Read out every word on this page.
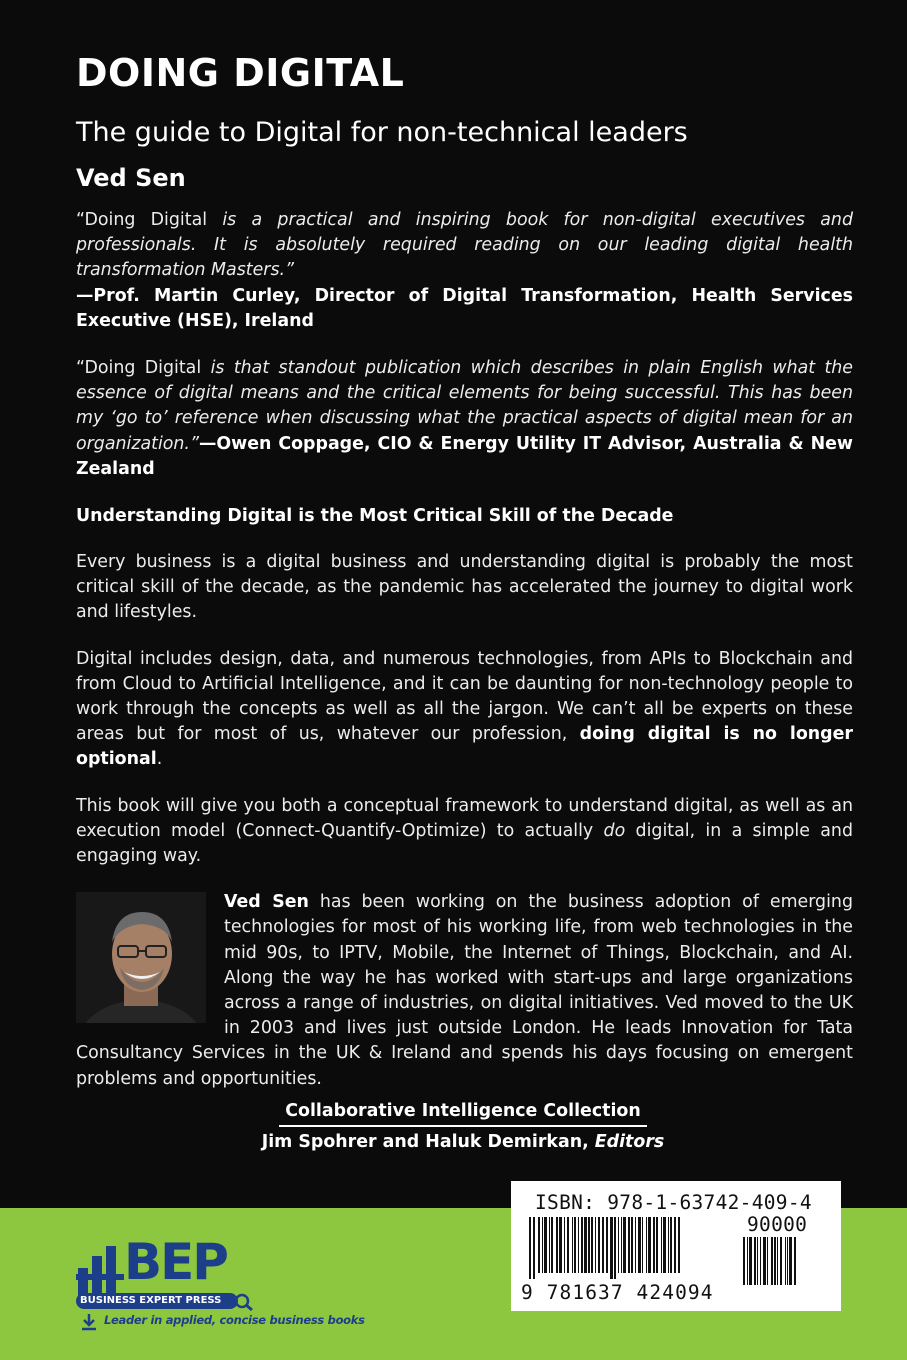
DOING DIGITAL
The guide to Digital for non-technical leaders
Ved Sen

“Doing Digital is a practical and inspiring book for non-digital executives and professionals. It is absolutely required reading on our leading digital health transformation Masters.”
—Prof. Martin Curley, Director of Digital Transformation, Health Services Executive (HSE), Ireland

“Doing Digital is that standout publication which describes in plain English what the essence of digital means and the critical elements for being successful. This has been my ‘go to’ reference when discussing what the practical aspects of digital mean for an organization.”—Owen Coppage, CIO & Energy Utility IT Advisor, Australia & New Zealand

Understanding Digital is the Most Critical Skill of the Decade

Every business is a digital business and understanding digital is probably the most critical skill of the decade, as the pandemic has accelerated the journey to digital work and lifestyles.

Digital includes design, data, and numerous technologies, from APIs to Blockchain and from Cloud to Artificial Intelligence, and it can be daunting for non-technology people to work through the concepts as well as all the jargon. We can’t all be experts on these areas but for most of us, whatever our profession, doing digital is no longer optional.

This book will give you both a conceptual framework to understand digital, as well as an execution model (Connect-Quantify-Optimize) to actually do digital, in a simple and engaging way.

Ved Sen has been working on the business adoption of emerging technologies for most of his working life, from web technologies in the mid 90s, to IPTV, Mobile, the Internet of Things, Blockchain, and AI. Along the way he has worked with start-ups and large organizations across a range of industries, on digital initiatives. Ved moved to the UK in 2003 and lives just outside London. He leads Innovation for Tata Consultancy Services in the UK & Ireland and spends his days focusing on emergent problems and opportunities.
Collaborative Intelligence Collection
Jim Spohrer and Haluk Demirkan, Editors
BEP
BUSINESS EXPERT PRESS
Leader in applied, concise business books
ISBN: 978-1-63742-409-4
90000
9 781637 424094
